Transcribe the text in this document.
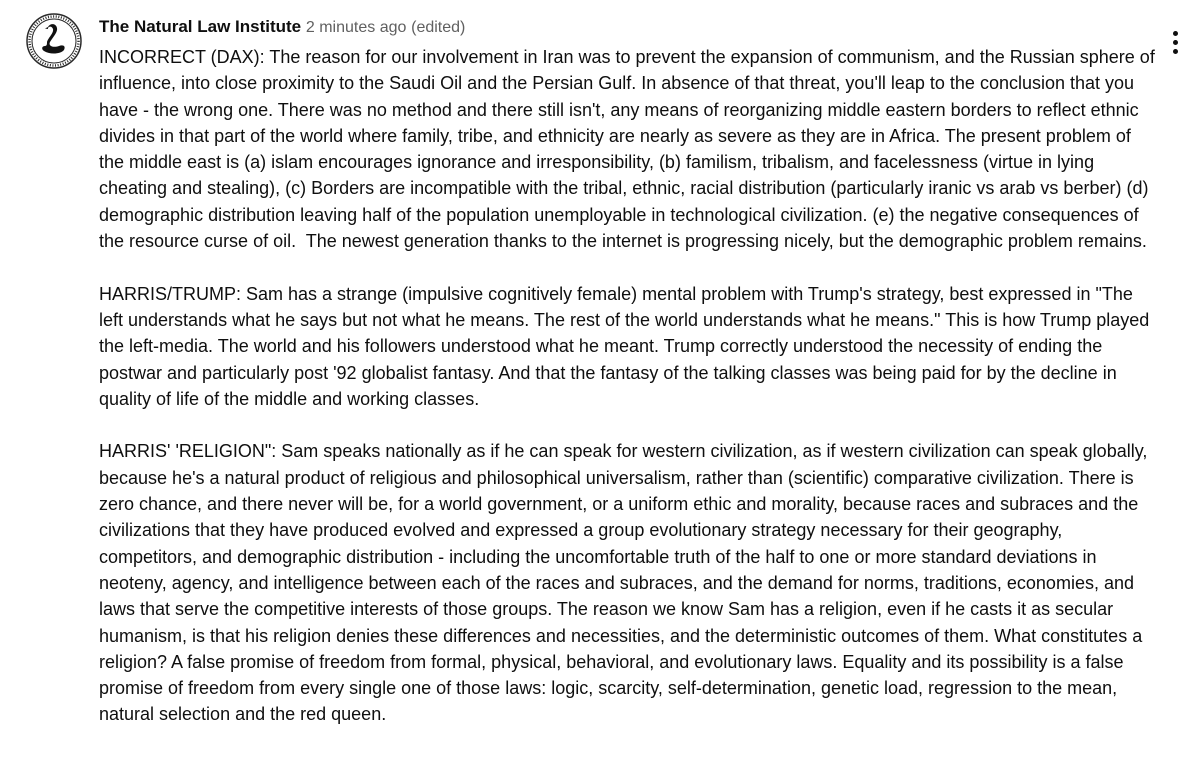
The Natural Law Institute 2 minutes ago (edited)

INCORRECT (DAX): The reason for our involvement in Iran was to prevent the expansion of communism, and the Russian sphere of influence, into close proximity to the Saudi Oil and the Persian Gulf. In absence of that threat, you'll leap to the conclusion that you have - the wrong one. There was no method and there still isn't, any means of reorganizing middle eastern borders to reflect ethnic divides in that part of the world where family, tribe, and ethnicity are nearly as severe as they are in Africa. The present problem of the middle east is (a) islam encourages ignorance and irresponsibility, (b) familism, tribalism, and facelessness (virtue in lying cheating and stealing), (c) Borders are incompatible with the tribal, ethnic, racial distribution (particularly iranic vs arab vs berber) (d) demographic distribution leaving half of the population unemployable in technological civilization. (e) the negative consequences of the resource curse of oil.  The newest generation thanks to the internet is progressing nicely, but the demographic problem remains.

HARRIS/TRUMP: Sam has a strange (impulsive cognitively female) mental problem with Trump's strategy, best expressed in "The left understands what he says but not what he means. The rest of the world understands what he means." This is how Trump played the left-media. The world and his followers understood what he meant. Trump correctly understood the necessity of ending the postwar and particularly post '92 globalist fantasy. And that the fantasy of the talking classes was being paid for by the decline in quality of life of the middle and working classes.

HARRIS' 'RELIGION": Sam speaks nationally as if he can speak for western civilization, as if western civilization can speak globally, because he's a natural product of religious and philosophical universalism, rather than (scientific) comparative civilization. There is zero chance, and there never will be, for a world government, or a uniform ethic and morality, because races and subraces and the civilizations that they have produced evolved and expressed a group evolutionary strategy necessary for their geography, competitors, and demographic distribution - including the uncomfortable truth of the half to one or more standard deviations in neoteny, agency, and intelligence between each of the races and subraces, and the demand for norms, traditions, economies, and laws that serve the competitive interests of those groups. The reason we know Sam has a religion, even if he casts it as secular humanism, is that his religion denies these differences and necessities, and the deterministic outcomes of them. What constitutes a religion? A false promise of freedom from formal, physical, behavioral, and evolutionary laws. Equality and its possibility is a false promise of freedom from every single one of those laws: logic, scarcity, self-determination, genetic load, regression to the mean, natural selection and the red queen.
